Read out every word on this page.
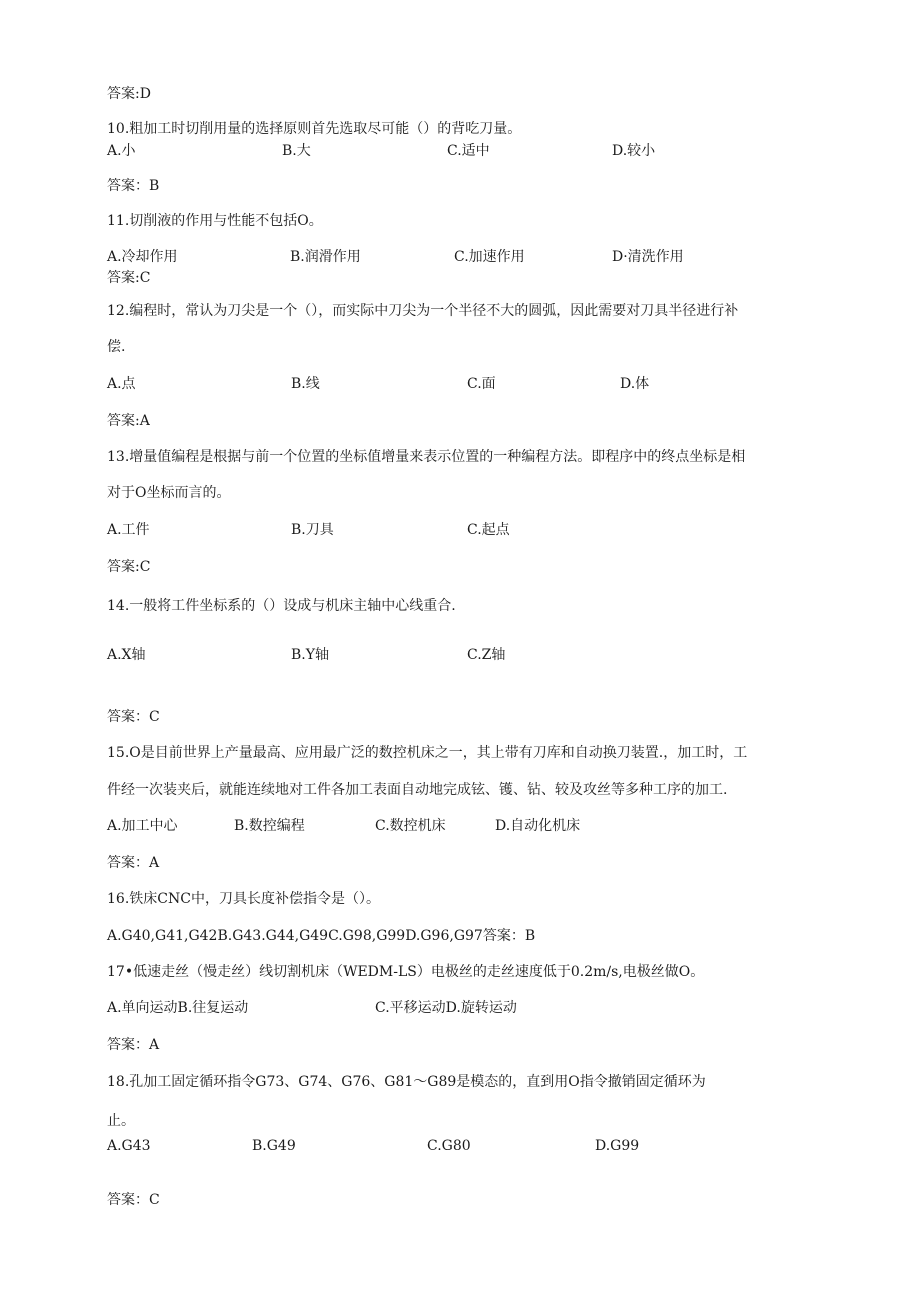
答案:D
10.粗加工时切削用量的选择原则首先选取尽可能（）的背吃刀量。
A.小	B.大	C.适中	D.较小
答案：B
11.切削液的作用与性能不包括O。
A.冷却作用	B.润滑作用	C.加速作用	D·清洗作用
答案:C
12.编程时，常认为刀尖是一个（），而实际中刀尖为一个半径不大的圆弧，因此需要对刀具半径进行补
偿.
A.点	B.线	C.面	D.体
答案:A
13.增量值编程是根据与前一个位置的坐标值增量来表示位置的一种编程方法。即程序中的终点坐标是相
对于O坐标而言的。
A.工件	B.刀具	C.起点
答案:C
14.一般将工件坐标系的（）设成与机床主轴中心线重合.
A.X轴	B.Y轴	C.Z轴
答案：C
15.O是目前世界上产量最高、应用最广泛的数控机床之一，其上带有刀库和自动换刀装置.，加工时，工
件经一次装夹后，就能连续地对工件各加工表面自动地完成铉、镬、钻、较及攻丝等多种工序的加工.
A.加工中心	B.数控编程	C.数控机床	D.自动化机床
答案：A
16.铁床CNC中，刀具长度补偿指令是（）。
A.G40,G41,G42B.G43.G44,G49C.G98,G99D.G96,G97答案：B
17•低速走丝（慢走丝）线切割机床（WEDM-LS）电极丝的走丝速度低于0.2m∕s,电极丝做O。
A.单向运动B.往复运动	C.平移运动D.旋转运动
答案：A
18.孔加工固定循环指令G73、G74、G76、G81～G89是模态的，直到用O指令撤销固定循环为
止。
A.G43	B.G49	C.G80	D.G99
答案：C
